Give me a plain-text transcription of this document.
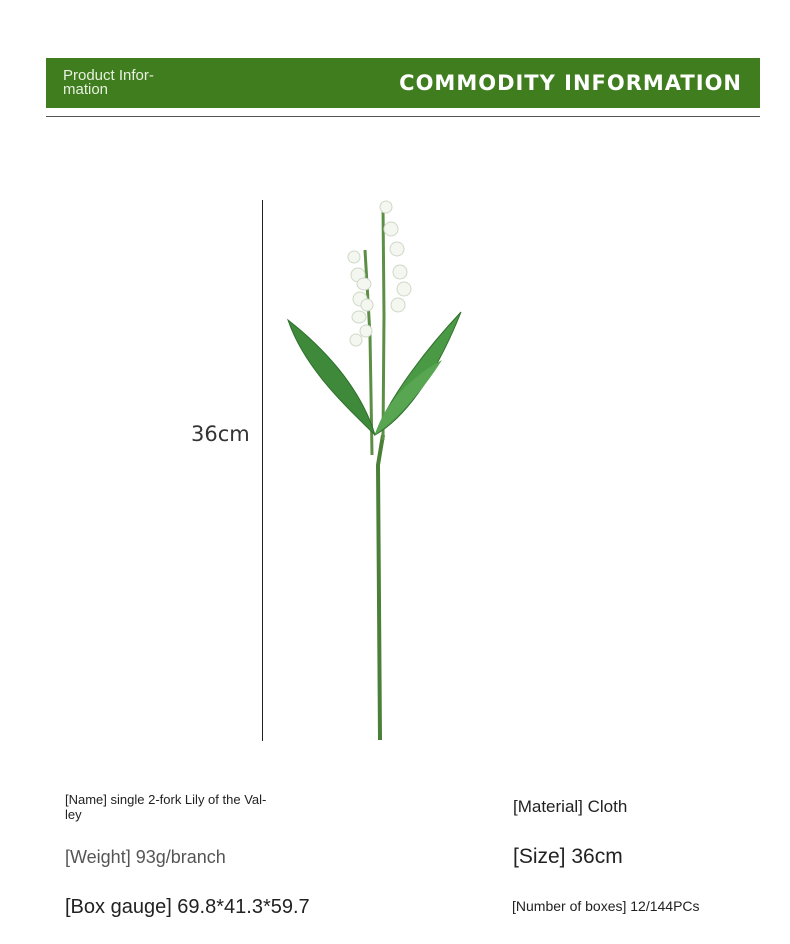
Product Infor-
mation	COMMODITY INFORMATION
36cm
[Name] single 2-fork Lily of the Val-
ley	[Material] Cloth
[Weight] 93g/branch	[Size] 36cm
[Box gauge] 69.8*41.3*59.7	[Number of boxes] 12/144PCs
